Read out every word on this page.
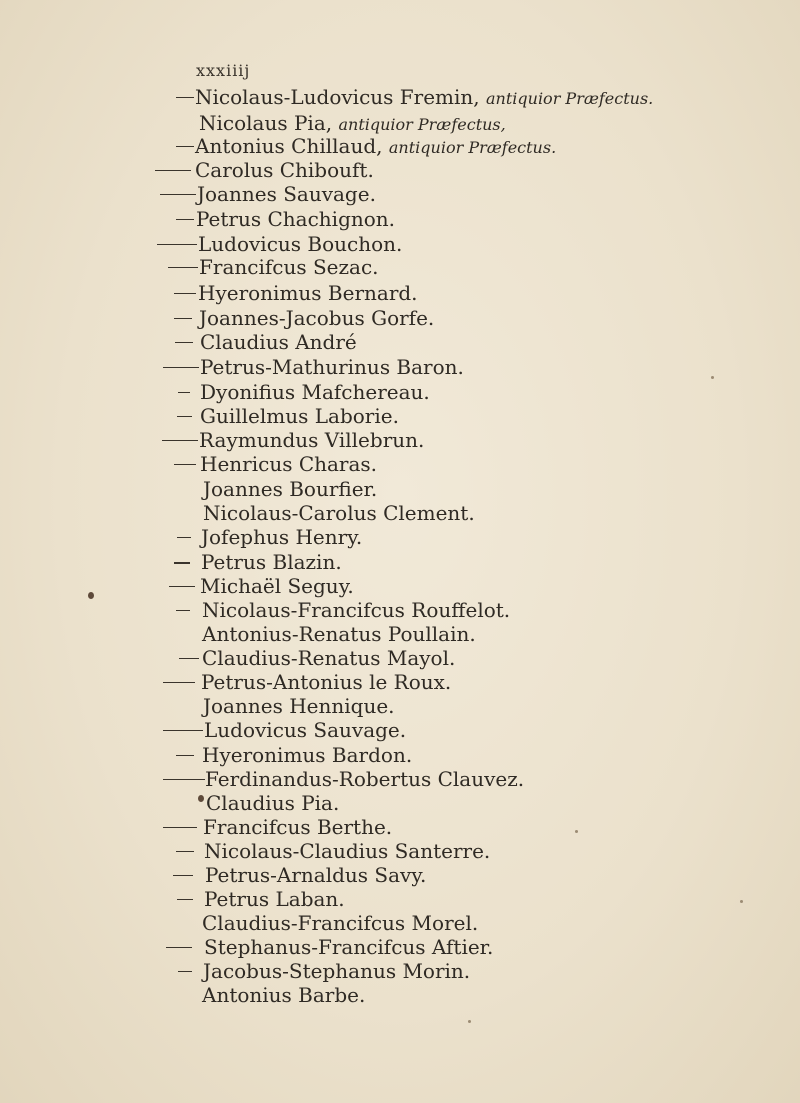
xxxiiij
Nicolaus-Ludovicus Fremin, antiquior Præfectus.
Nicolaus Pia, antiquior Præfectus,
Antonius Chillaud, antiquior Præfectus.
Carolus Chibouft.
Joannes Sauvage.
Petrus Chachignon.
Ludovicus Bouchon.
Francifcus Sezac.
Hyeronimus Bernard.
Joannes-Jacobus Gorfe.
Claudius André
Petrus-Mathurinus Baron.
Dyonifius Mafchereau.
Guillelmus Laborie.
Raymundus Villebrun.
Henricus Charas.
Joannes Bourfier.
Nicolaus-Carolus Clement.
Jofephus Henry.
Petrus Blazin.
Michaël Seguy.
Nicolaus-Francifcus Rouffelot.
Antonius-Renatus Poullain.
Claudius-Renatus Mayol.
Petrus-Antonius le Roux.
Joannes Hennique.
Ludovicus Sauvage.
Hyeronimus Bardon.
Ferdinandus-Robertus Clauvez.
Claudius Pia.
Francifcus Berthe.
Nicolaus-Claudius Santerre.
Petrus-Arnaldus Savy.
Petrus Laban.
Claudius-Francifcus Morel.
Stephanus-Francifcus Aftier.
Jacobus-Stephanus Morin.
Antonius Barbe.
